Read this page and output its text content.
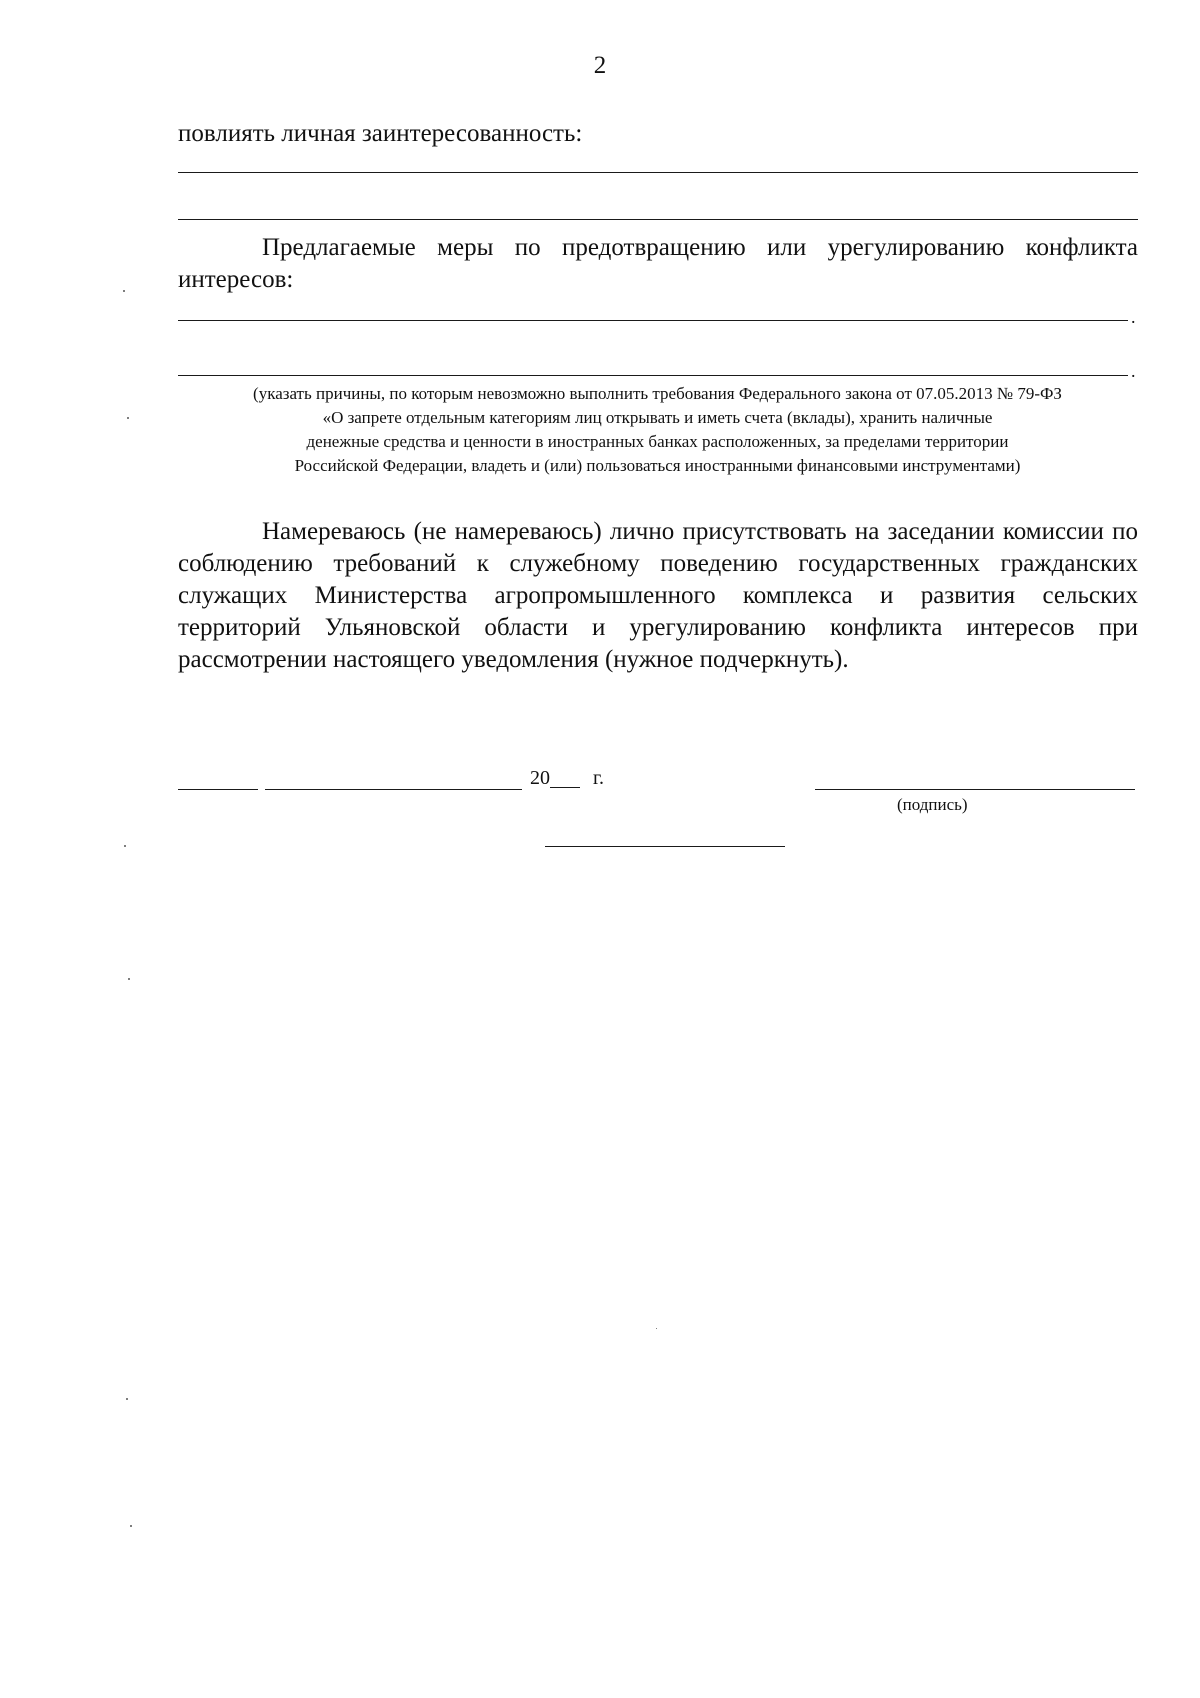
2
повлиять личная заинтересованность:
Предлагаемые меры по предотвращению или урегулированию конфликта интересов:
.
.
(указать причины, по которым невозможно выполнить требования Федерального закона от 07.05.2013 № 79-ФЗ
«О запрете отдельным категориям лиц открывать и иметь счета (вклады), хранить наличные
денежные средства и ценности в иностранных банках расположенных, за пределами территории
Российской Федерации, владеть и (или) пользоваться иностранными финансовыми инструментами)
Намереваюсь (не намереваюсь) лично присутствовать на заседании комиссии по соблюдению требований к служебному поведению государственных гражданских служащих Министерства агропромышленного комплекса и развития сельских территорий Ульяновской области и урегулированию конфликта интересов при рассмотрении настоящего уведомления (нужное подчеркнуть).
20 г.
(подпись)
